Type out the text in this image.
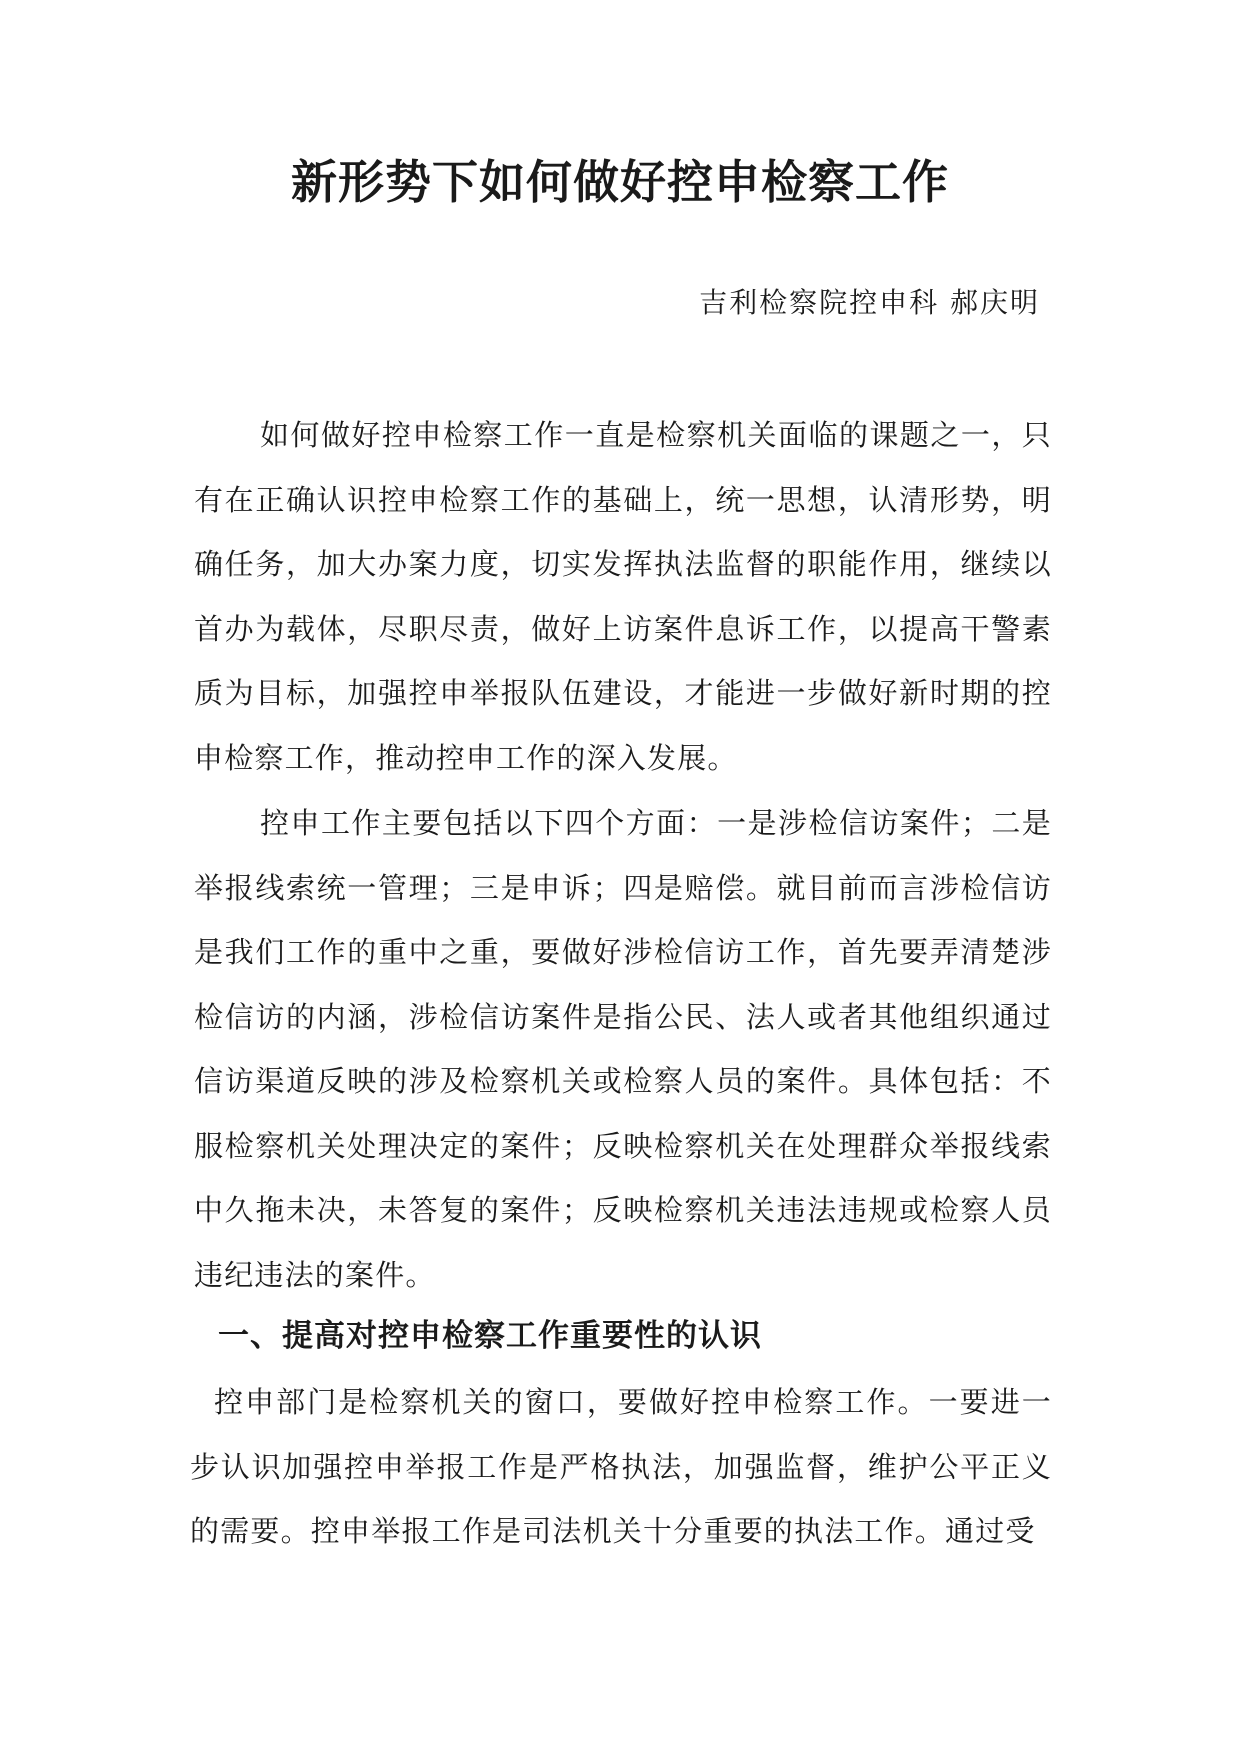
新形势下如何做好控申检察工作

吉利检察院控申科 郝庆明

如何做好控申检察工作一直是检察机关面临的课题之一，只有在正确认识控申检察工作的基础上，统一思想，认清形势，明确任务，加大办案力度，切实发挥执法监督的职能作用，继续以首办为载体，尽职尽责，做好上访案件息诉工作，以提高干警素质为目标，加强控申举报队伍建设，才能进一步做好新时期的控申检察工作，推动控申工作的深入发展。

控申工作主要包括以下四个方面：一是涉检信访案件；二是举报线索统一管理；三是申诉；四是赔偿。就目前而言涉检信访是我们工作的重中之重，要做好涉检信访工作，首先要弄清楚涉检信访的内涵，涉检信访案件是指公民、法人或者其他组织通过信访渠道反映的涉及检察机关或检察人员的案件。具体包括：不服检察机关处理决定的案件；反映检察机关在处理群众举报线索中久拖未决，未答复的案件；反映检察机关违法违规或检察人员违纪违法的案件。

一、提高对控申检察工作重要性的认识

控申部门是检察机关的窗口，要做好控申检察工作。一要进一步认识加强控申举报工作是严格执法，加强监督，维护公平正义的需要。控申举报工作是司法机关十分重要的执法工作。通过受
